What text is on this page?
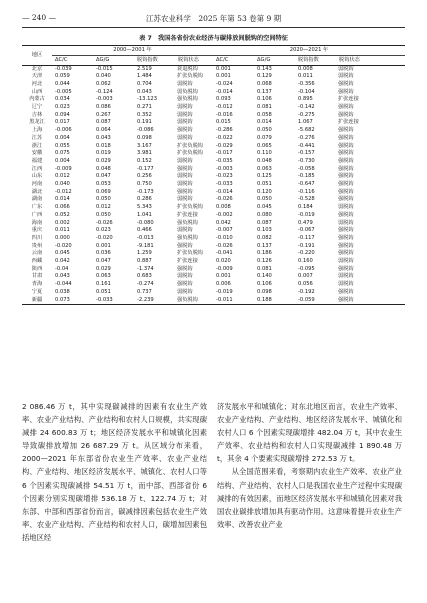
— 240 —	江苏农业科学　2025 年第 53 卷第 9 期
表 7　我国各省份农业经济与碳排放间脱钩的空间特征
地区	2000—2001 年				2020—2021 年			
	ΔC/C	ΔG/G	脱钩指数	脱钩状态	ΔC/C	ΔG/G	脱钩指数	脱钩状态
北京	-0.039	-0.015	2.519	衰退脱钩	0.001	0.143	0.008	弱脱钩
天津	0.059	0.040	1.484	扩张负脱钩	0.001	0.129	0.011	弱脱钩
河北	0.044	0.062	0.704	弱脱钩	-0.024	0.068	-0.356	强脱钩
山西	-0.005	-0.124	0.043	弱负脱钩	-0.014	0.137	-0.104	强脱钩
内蒙古	0.034	-0.003	-13.123	强负脱钩	0.093	0.106	0.895	扩张连接
辽宁	0.023	0.086	0.271	弱脱钩	-0.012	0.081	-0.142	强脱钩
吉林	0.094	0.267	0.352	弱脱钩	-0.016	0.058	-0.275	强脱钩
黑龙江	0.017	0.087	0.191	弱脱钩	0.015	0.014	1.067	扩张连接
上海	-0.006	0.064	-0.086	强脱钩	-0.286	0.050	-5.682	强脱钩
江苏	0.004	0.043	0.098	弱脱钩	-0.022	0.079	-0.276	强脱钩
浙江	0.055	0.018	3.167	扩张负脱钩	-0.029	0.065	-0.441	强脱钩
安徽	0.075	0.019	3.981	扩张负脱钩	-0.017	0.110	-0.157	强脱钩
福建	0.004	0.029	0.152	弱脱钩	-0.035	0.048	-0.730	强脱钩
江西	-0.009	0.048	-0.177	强脱钩	-0.003	0.063	-0.058	强脱钩
山东	0.012	0.047	0.256	弱脱钩	-0.023	0.125	-0.185	强脱钩
河南	0.040	0.053	0.750	弱脱钩	-0.033	0.051	-0.647	强脱钩
湖北	-0.012	0.069	-0.173	强脱钩	-0.014	0.120	-0.116	强脱钩
湖南	0.014	0.050	0.286	弱脱钩	-0.026	0.050	-0.528	强脱钩
广东	0.066	0.012	5.343	扩张负脱钩	0.008	0.045	0.184	弱脱钩
广西	0.052	0.050	1.041	扩张连接	-0.002	0.080	-0.019	强脱钩
海南	0.002	-0.026	-0.080	强负脱钩	0.042	0.087	0.479	弱脱钩
重庆	0.011	0.023	0.466	弱脱钩	-0.007	0.103	-0.067	强脱钩
四川	0.000	-0.020	-0.013	强负脱钩	-0.010	0.082	-0.117	强脱钩
贵州	-0.020	0.001	-9.181	强脱钩	-0.026	0.137	-0.191	强脱钩
云南	0.045	0.036	1.259	扩张负脱钩	-0.041	0.186	-0.220	强脱钩
西藏	0.042	0.047	0.887	扩张连接	0.020	0.126	0.160	弱脱钩
陕西	-0.04	0.029	-1.374	强脱钩	-0.009	0.081	-0.095	强脱钩
甘肃	0.043	0.063	0.683	弱脱钩	0.001	0.140	0.007	弱脱钩
青海	-0.044	0.161	-0.274	强脱钩	0.006	0.106	0.056	弱脱钩
宁夏	0.038	0.051	0.737	弱脱钩	-0.019	0.098	-0.192	强脱钩
新疆	0.073	-0.033	-2.239	强负脱钩	-0.011	0.188	-0.059	强脱钩

2 086.46 万 t，其中实现碳减排的因素有农业生产效率、农业产业结构、产业结构和农村人口规模，共实现碳减排 24 600.83 万 t；地区经济发展水平和城镇化因素导致碳排放增加 26 687.29 万 t。从区域分布来看，2000—2021 年东部省份农业生产效率、农业产业结构、产业结构、地区经济发展水平、城镇化、农村人口等 6 个因素实现碳减排 54.51 万 t，而中部、西部省份 6 个因素分别实现碳增排 536.18 万 t、122.74 万 t；对东部、中部和西部省份而言，碳减排因素包括农业生产效率、农业产业结构、产业结构和农村人口，碳增加因素包括地区经

济发展水平和城镇化；对东北地区而言，农业生产效率、农业产业结构、产业结构、地区经济发展水平、城镇化和农村人口 6 个因素实现碳增排 482.04 万 t，其中农业生产效率、农业结构和农村人口实现碳减排 1 890.48 万 t，其余 4 个要素实现碳增排 272.53 万 t。

从全国范围来看，考察期内农业生产效率、农业产业结构、产业结构、农村人口是我国农业生产过程中实现碳减排的有效因素，而地区经济发展水平和城镇化因素对我国农业碳排放增加具有驱动作用。这意味着提升农业生产效率、改善农业产业
